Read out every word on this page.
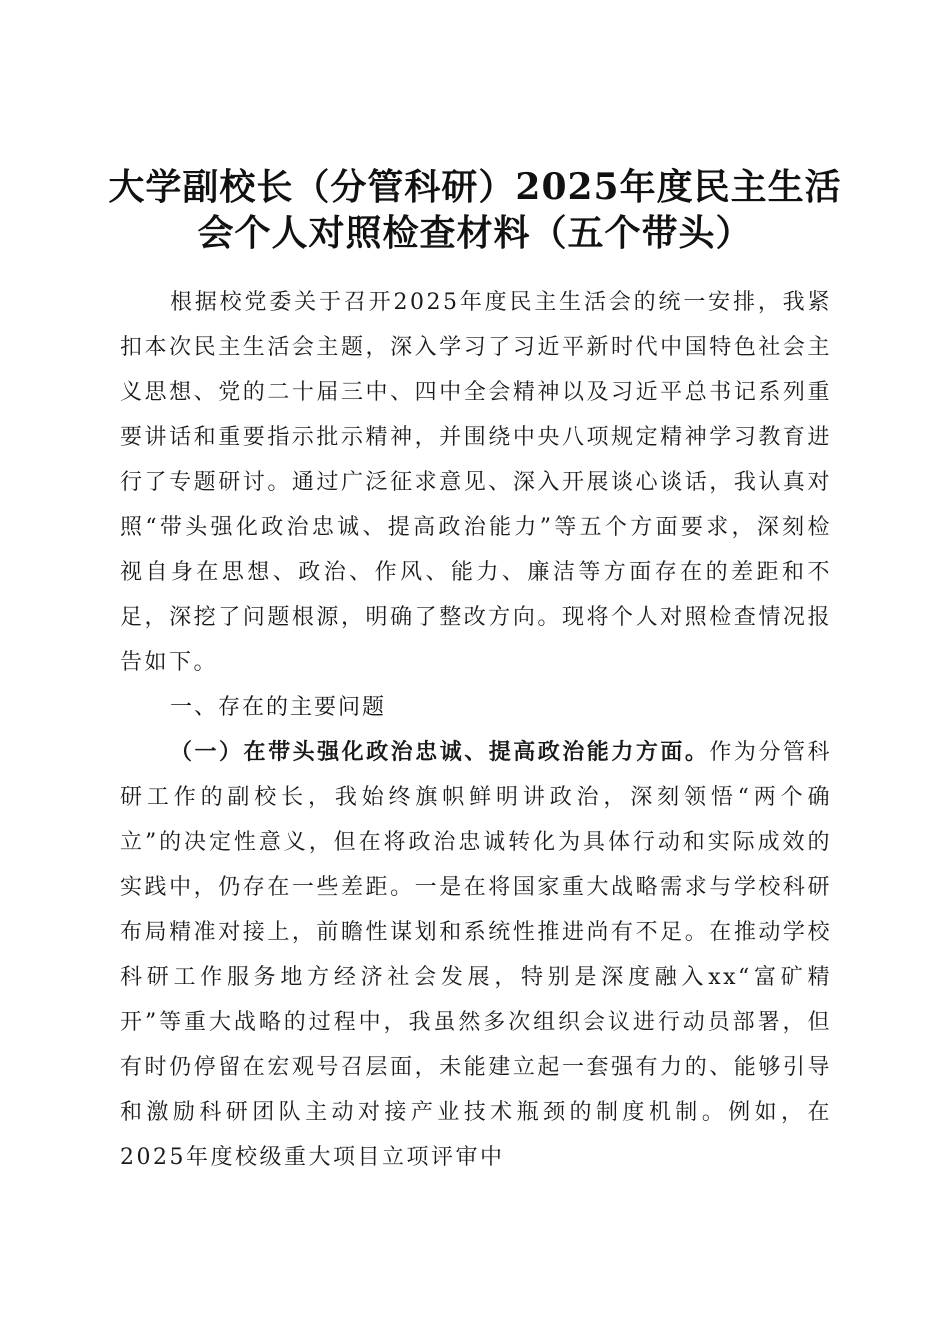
大学副校长（分管科研）2025年度民主生活
会个人对照检查材料（五个带头）

根据校党委关于召开2025年度民主生活会的统一安排，我紧扣本次民主生活会主题，深入学习了习近平新时代中国特色社会主义思想、党的二十届三中、四中全会精神以及习近平总书记系列重要讲话和重要指示批示精神，并围绕中央八项规定精神学习教育进行了专题研讨。通过广泛征求意见、深入开展谈心谈话，我认真对照“带头强化政治忠诚、提高政治能力”等五个方面要求，深刻检视自身在思想、政治、作风、能力、廉洁等方面存在的差距和不足，深挖了问题根源，明确了整改方向。现将个人对照检查情况报告如下。

一、存在的主要问题

（一）在带头强化政治忠诚、提高政治能力方面。作为分管科研工作的副校长，我始终旗帜鲜明讲政治，深刻领悟“两个确立”的决定性意义，但在将政治忠诚转化为具体行动和实际成效的实践中，仍存在一些差距。一是在将国家重大战略需求与学校科研布局精准对接上，前瞻性谋划和系统性推进尚有不足。在推动学校科研工作服务地方经济社会发展，特别是深度融入xx“富矿精开”等重大战略的过程中，我虽然多次组织会议进行动员部署，但有时仍停留在宏观号召层面，未能建立起一套强有力的、能够引导和激励科研团队主动对接产业技术瓶颈的制度机制。例如，在2025年度校级重大项目立项评审中
